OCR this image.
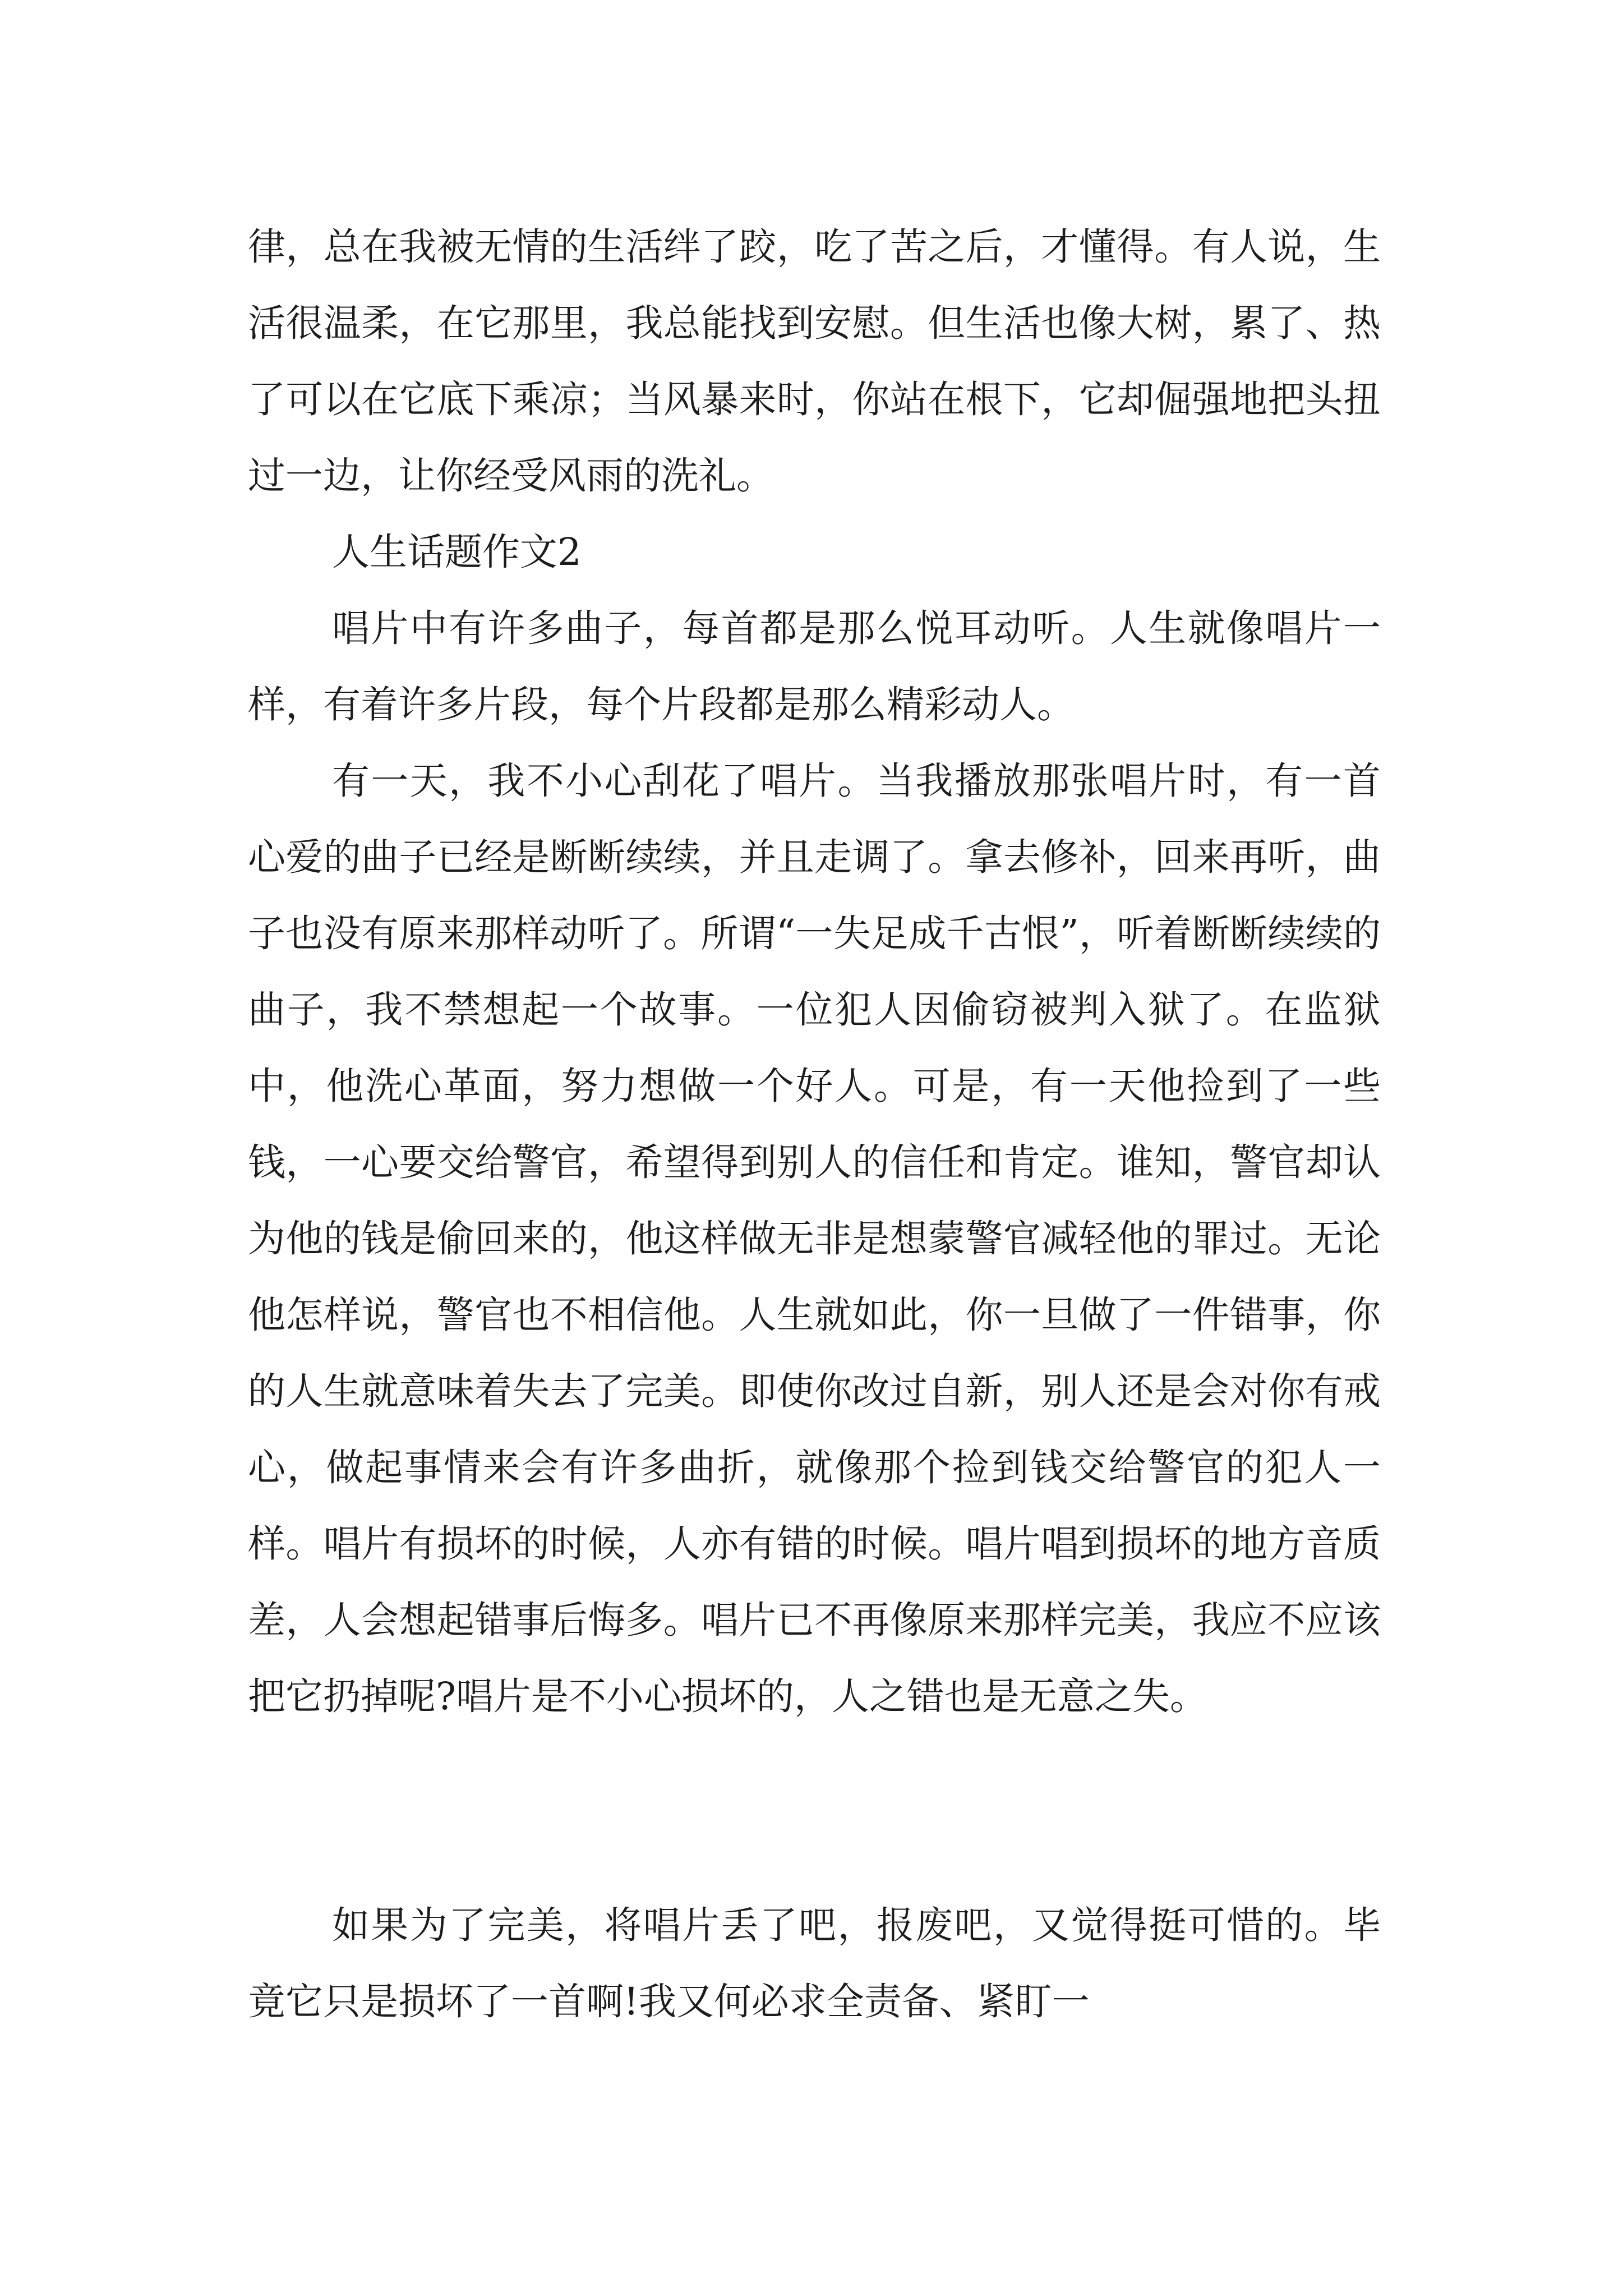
律，总在我被无情的生活绊了跤，吃了苦之后，才懂得。有人说，生活很温柔，在它那里，我总能找到安慰。但生活也像大树，累了、热了可以在它底下乘凉；当风暴来时，你站在根下，它却倔强地把头扭过一边，让你经受风雨的洗礼。

人生话题作文2

唱片中有许多曲子，每首都是那么悦耳动听。人生就像唱片一样，有着许多片段，每个片段都是那么精彩动人。

有一天，我不小心刮花了唱片。当我播放那张唱片时，有一首心爱的曲子已经是断断续续，并且走调了。拿去修补，回来再听，曲子也没有原来那样动听了。所谓“一失足成千古恨”，听着断断续续的曲子，我不禁想起一个故事。一位犯人因偷窃被判入狱了。在监狱中，他洗心革面，努力想做一个好人。可是，有一天他捡到了一些钱，一心要交给警官，希望得到别人的信任和肯定。谁知，警官却认为他的钱是偷回来的，他这样做无非是想蒙警官减轻他的罪过。无论他怎样说，警官也不相信他。人生就如此，你一旦做了一件错事，你的人生就意味着失去了完美。即使你改过自新，别人还是会对你有戒心，做起事情来会有许多曲折，就像那个捡到钱交给警官的犯人一样。唱片有损坏的时候，人亦有错的时候。唱片唱到损坏的地方音质差，人会想起错事后悔多。唱片已不再像原来那样完美，我应不应该把它扔掉呢?唱片是不小心损坏的，人之错也是无意之失。

如果为了完美，将唱片丢了吧，报废吧，又觉得挺可惜的。毕竟它只是损坏了一首啊!我又何必求全责备、紧盯一
